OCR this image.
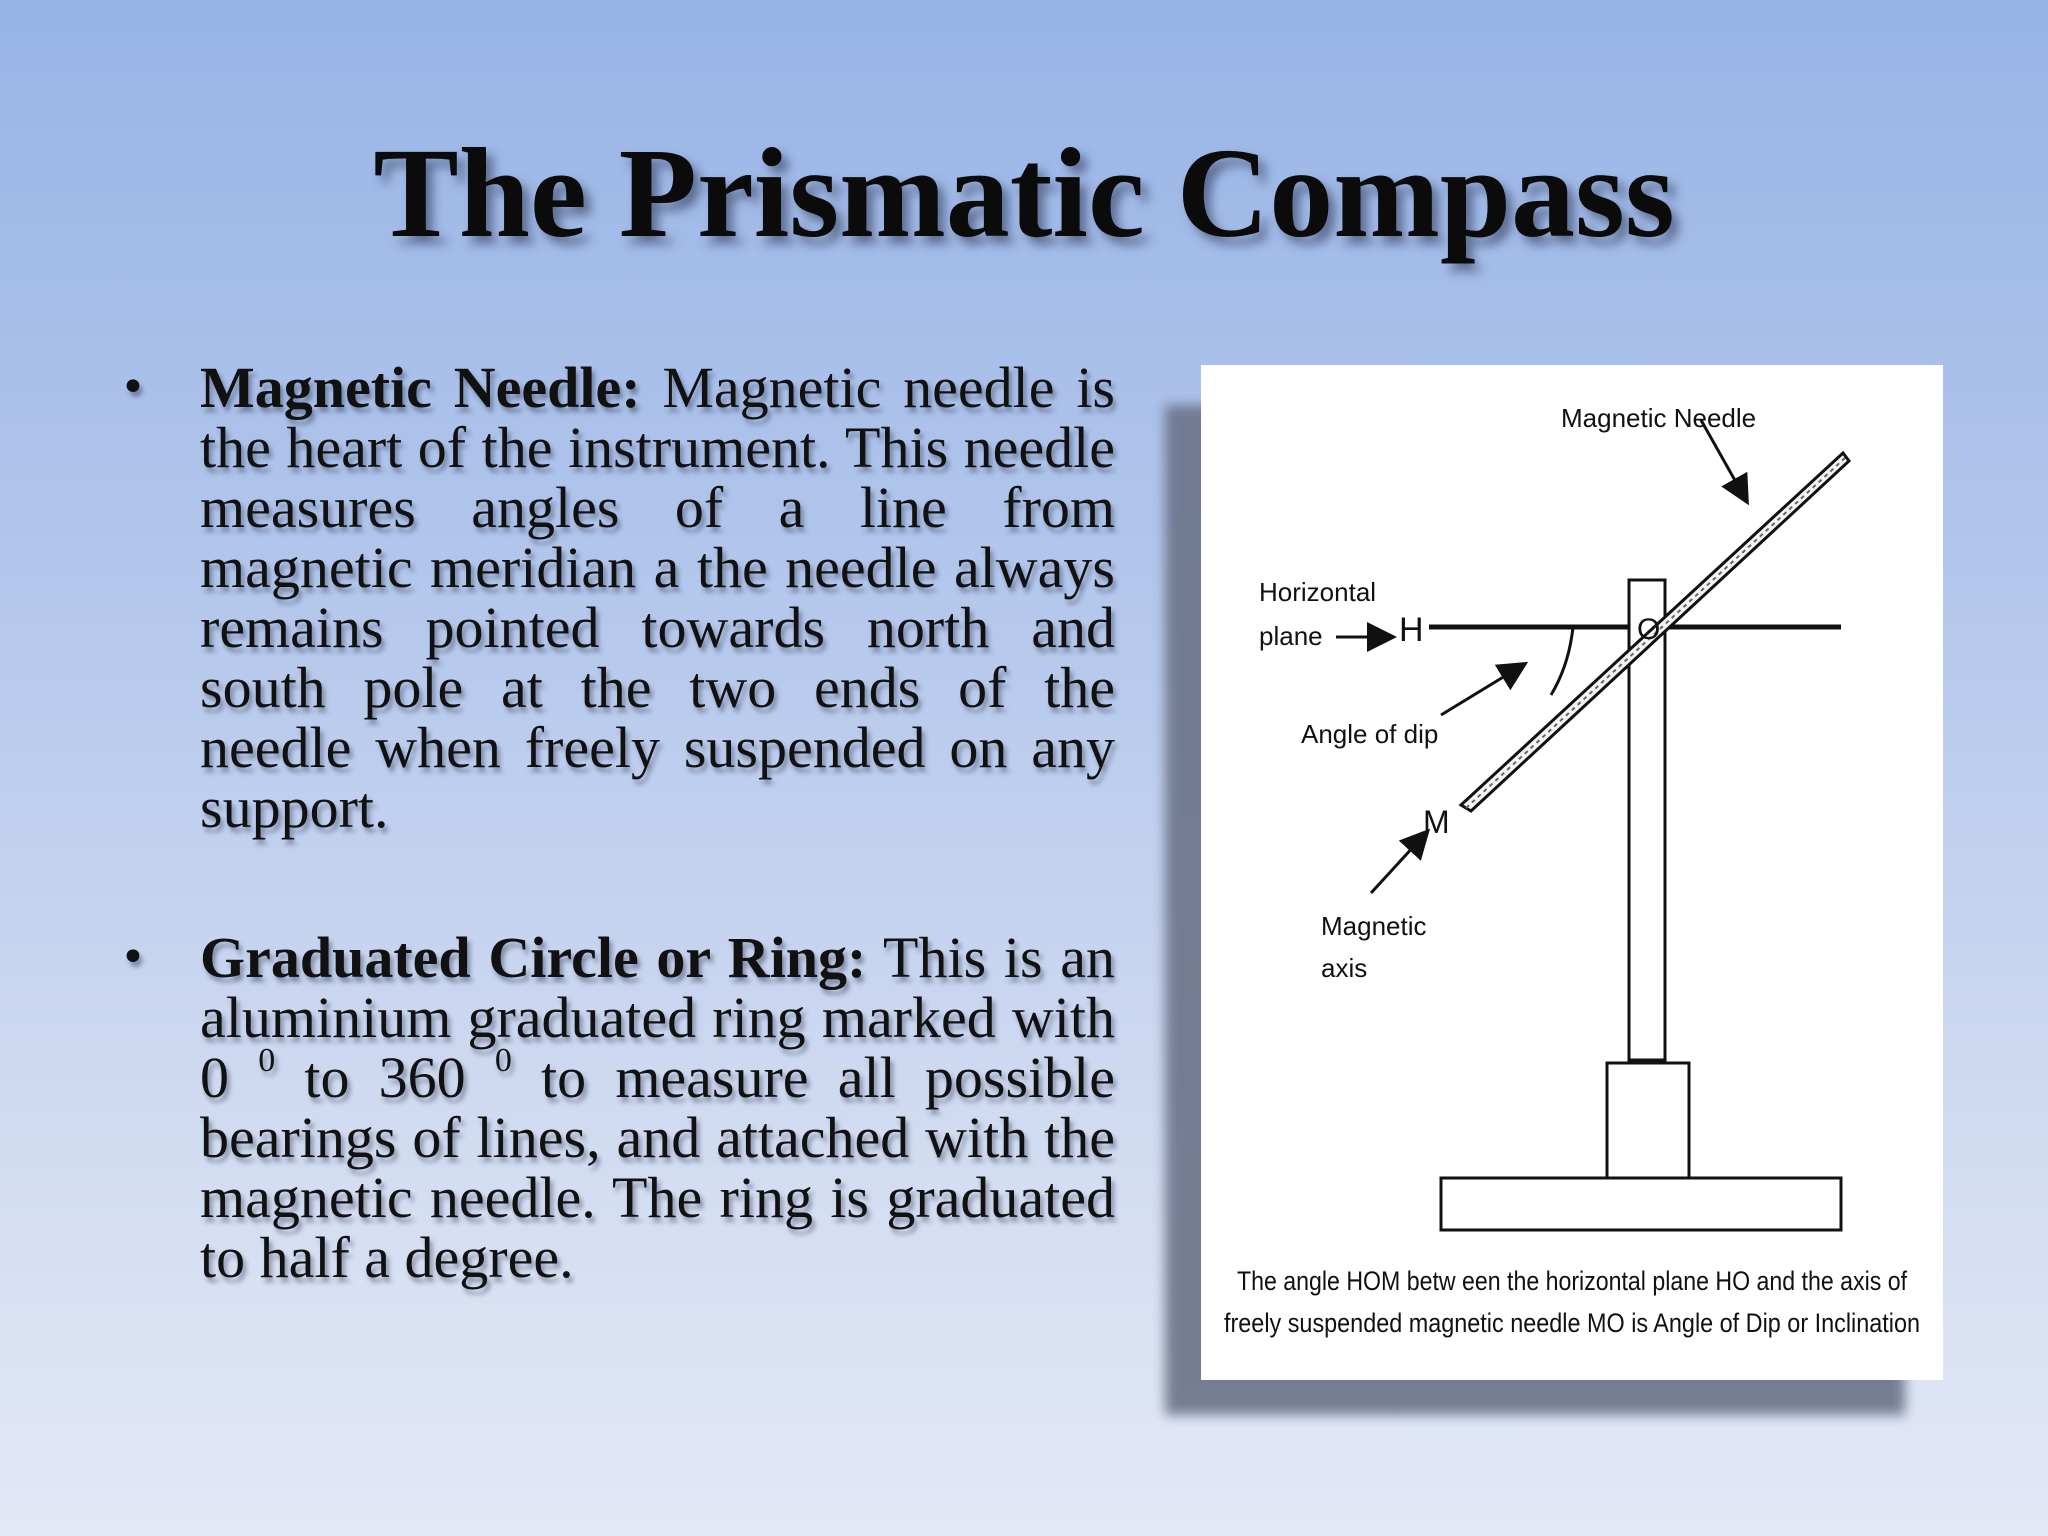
The Prismatic Compass
• Magnetic Needle: Magnetic needle is the heart of the instrument. This needle measures angles of a line from magnetic meridian a the needle always remains pointed towards north and south pole at the two ends of the needle when freely suspended on any support.
• Graduated Circle or Ring: This is an aluminium graduated ring marked with 0 $^0$ to 360 $^0$ to measure all possible bearings of lines, and attached with the magnetic needle. The ring is graduated to half a degree.
Magnetic Needle
Horizontal
plane H	O
Angle of dip
M
Magnetic
axis
The angle HOM betw een the horizontal plane HO and the axis of
freely suspended magnetic needle MO is Angle of Dip or Inclination
